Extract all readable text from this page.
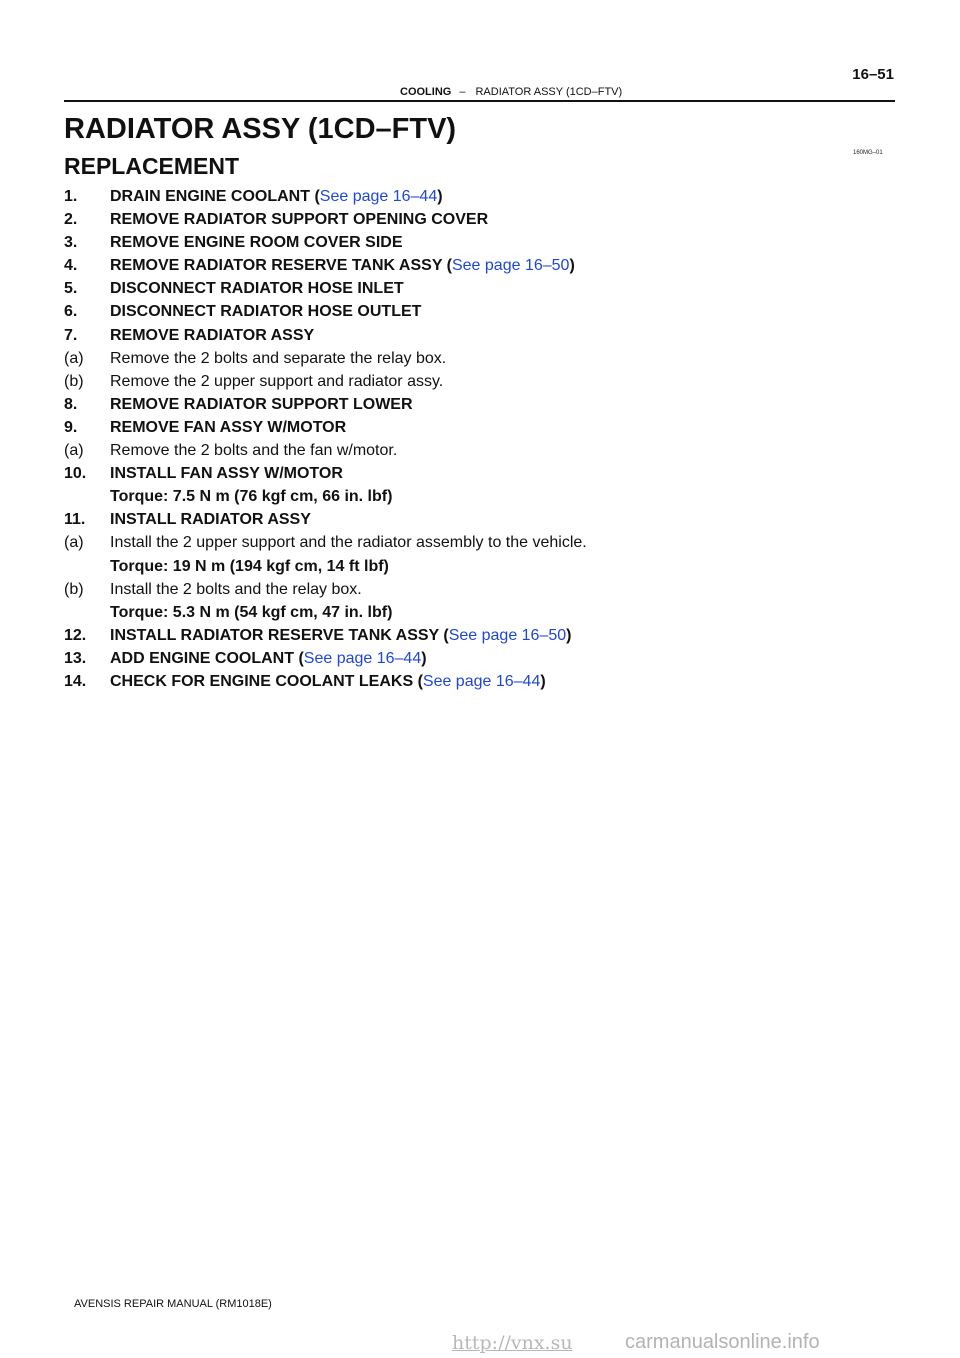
COOLING – RADIATOR ASSY (1CD–FTV)
16–51
160MG–01
RADIATOR ASSY (1CD–FTV)
REPLACEMENT
1.	DRAIN ENGINE COOLANT (See page 16–44)
2.	REMOVE RADIATOR SUPPORT OPENING COVER
3.	REMOVE ENGINE ROOM COVER SIDE
4.	REMOVE RADIATOR RESERVE TANK ASSY (See page 16–50)
5.	DISCONNECT RADIATOR HOSE INLET
6.	DISCONNECT RADIATOR HOSE OUTLET
7.	REMOVE RADIATOR ASSY
(a)	Remove the 2 bolts and separate the relay box.
(b)	Remove the 2 upper support and radiator assy.
8.	REMOVE RADIATOR SUPPORT LOWER
9.	REMOVE FAN ASSY W/MOTOR
(a)	Remove the 2 bolts and the fan w/motor.
10.	INSTALL FAN ASSY W/MOTOR
Torque: 7.5 N m (76 kgf cm, 66 in. lbf)
11.	INSTALL RADIATOR ASSY
(a)	Install the 2 upper support and the radiator assembly to the vehicle.
Torque: 19 N m (194 kgf cm, 14 ft lbf)
(b)	Install the 2 bolts and the relay box.
Torque: 5.3 N m (54 kgf cm, 47 in. lbf)
12.	INSTALL RADIATOR RESERVE TANK ASSY (See page 16–50)
13.	ADD ENGINE COOLANT (See page 16–44)
14.	CHECK FOR ENGINE COOLANT LEAKS (See page 16–44)
AVENSIS REPAIR MANUAL (RM1018E)
http://vnx.su	carmanualsonline.info
